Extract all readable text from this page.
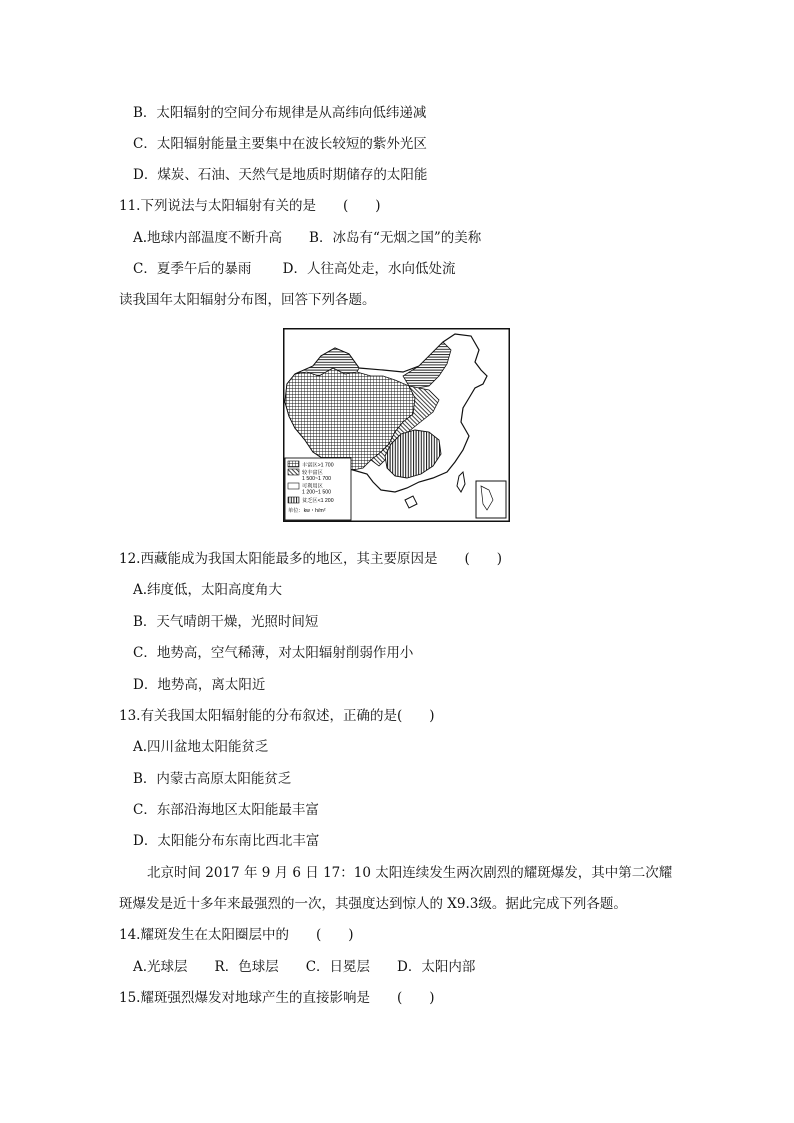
B．太阳辐射的空间分布规律是从高纬向低纬递减
C．太阳辐射能量主要集中在波长较短的紫外光区
D．煤炭、石油、天然气是地质时期储存的太阳能
11.下列说法与太阳辐射有关的是　　(　　)
A.地球内部温度不断升高　　B．冰岛有“无烟之国”的美称
C．夏季午后的暴雨　　 D．人往高处走，水向低处流
读我国年太阳辐射分布图，回答下列各题。
丰富区>1 700
较丰富区
1 500~1 700
可利用区
1 200~1 500
贫乏区<1 200
单位：kw・h/m²
12.西藏能成为我国太阳能最多的地区，其主要原因是　　(　　)
A.纬度低，太阳高度角大
B．天气晴朗干燥，光照时间短
C．地势高，空气稀薄，对太阳辐射削弱作用小
D．地势高，离太阳近
13.有关我国太阳辐射能的分布叙述，正确的是(　　)
A.四川盆地太阳能贫乏
B．内蒙古高原太阳能贫乏
C．东部沿海地区太阳能最丰富
D．太阳能分布东南比西北丰富
北京时间 2017 年 9 月 6 日 17：10 太阳连续发生两次剧烈的耀斑爆发，其中第二次耀
斑爆发是近十多年来最强烈的一次，其强度达到惊人的 X9.3级。据此完成下列各题。
14.耀斑发生在太阳圈层中的　　(　　)
A.光球层　　R．色球层　　C．日冕层　　D．太阳内部
15.耀斑强烈爆发对地球产生的直接影响是　　(　　)
